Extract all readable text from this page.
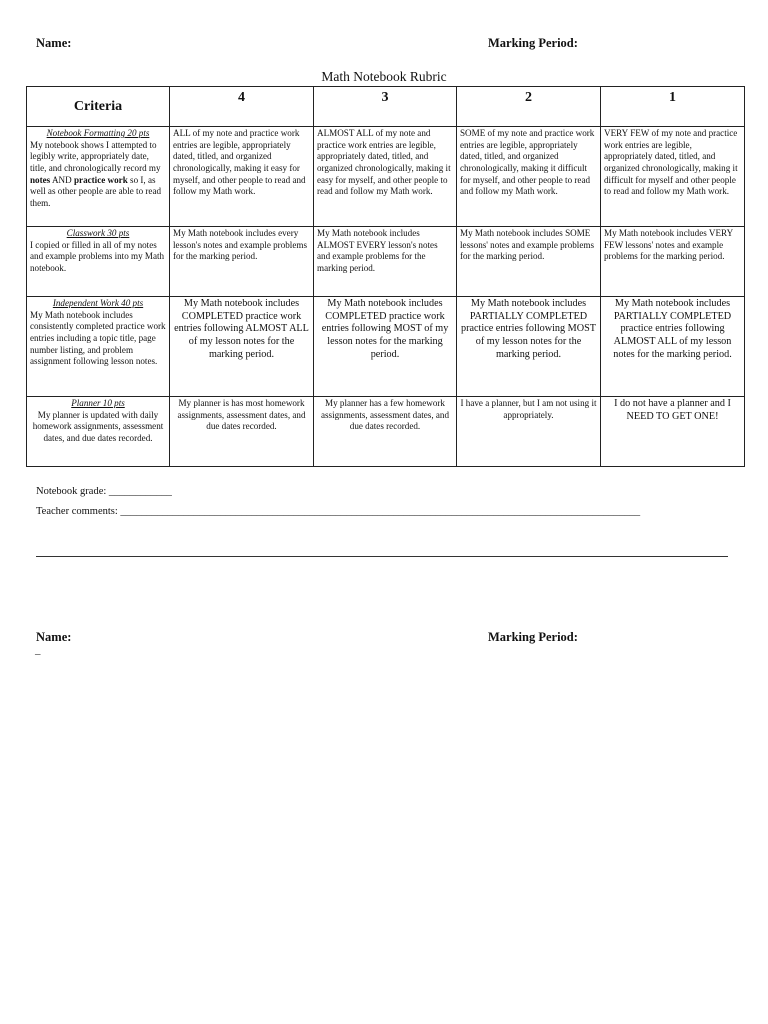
Name:	Marking Period:
Math Notebook Rubric
Criteria	4	3	2	1

Notebook Formatting 20 pts
My notebook shows I attempted to legibly write, appropriately date, title, and chronologically record my notes AND practice work so I, as well as other people are able to read them.	ALL of my note and practice work entries are legible, appropriately dated, titled, and organized chronologically, making it easy for myself, and other people to read and follow my Math work.	ALMOST ALL of my note and practice work entries are legible, appropriately dated, titled, and organized chronologically, making it easy for myself, and other people to read and follow my Math work.	SOME of my note and practice work entries are legible, appropriately dated, titled, and organized chronologically, making it difficult for myself, and other people to read and follow my Math work.	VERY FEW of my note and practice work entries are legible, appropriately dated, titled, and organized chronologically, making it difficult for myself and other people to read and follow my Math work.

Classwork 30 pts
I copied or filled in all of my notes and example problems into my Math notebook.	My Math notebook includes every lesson's notes and example problems for the marking period.	My Math notebook includes ALMOST EVERY lesson's notes and example problems for the marking period.	My Math notebook includes SOME lessons' notes and example problems for the marking period.	My Math notebook includes VERY FEW lessons' notes and example problems for the marking period.

Independent Work 40 pts
My Math notebook includes consistently completed practice work entries including a topic title, page number listing, and problem assignment following lesson notes.	My Math notebook includes COMPLETED practice work entries following ALMOST ALL of my lesson notes for the marking period.	My Math notebook includes COMPLETED practice work entries following MOST of my lesson notes for the marking period.	My Math notebook includes PARTIALLY COMPLETED practice entries following MOST of my lesson notes for the marking period.	My Math notebook includes PARTIALLY COMPLETED practice entries following ALMOST ALL of my lesson notes for the marking period.

Planner 10 pts
My planner is updated with daily homework assignments, assessment dates, and due dates recorded.	My planner is has most homework assignments, assessment dates, and due dates recorded.	My planner has a few homework assignments, assessment dates, and due dates recorded.	I have a planner, but I am not using it appropriately.	I do not have a planner and I NEED TO GET ONE!
Notebook grade: ____________
Teacher comments: ___________________________________________________________________________________________________
Name:	Marking Period:
–
